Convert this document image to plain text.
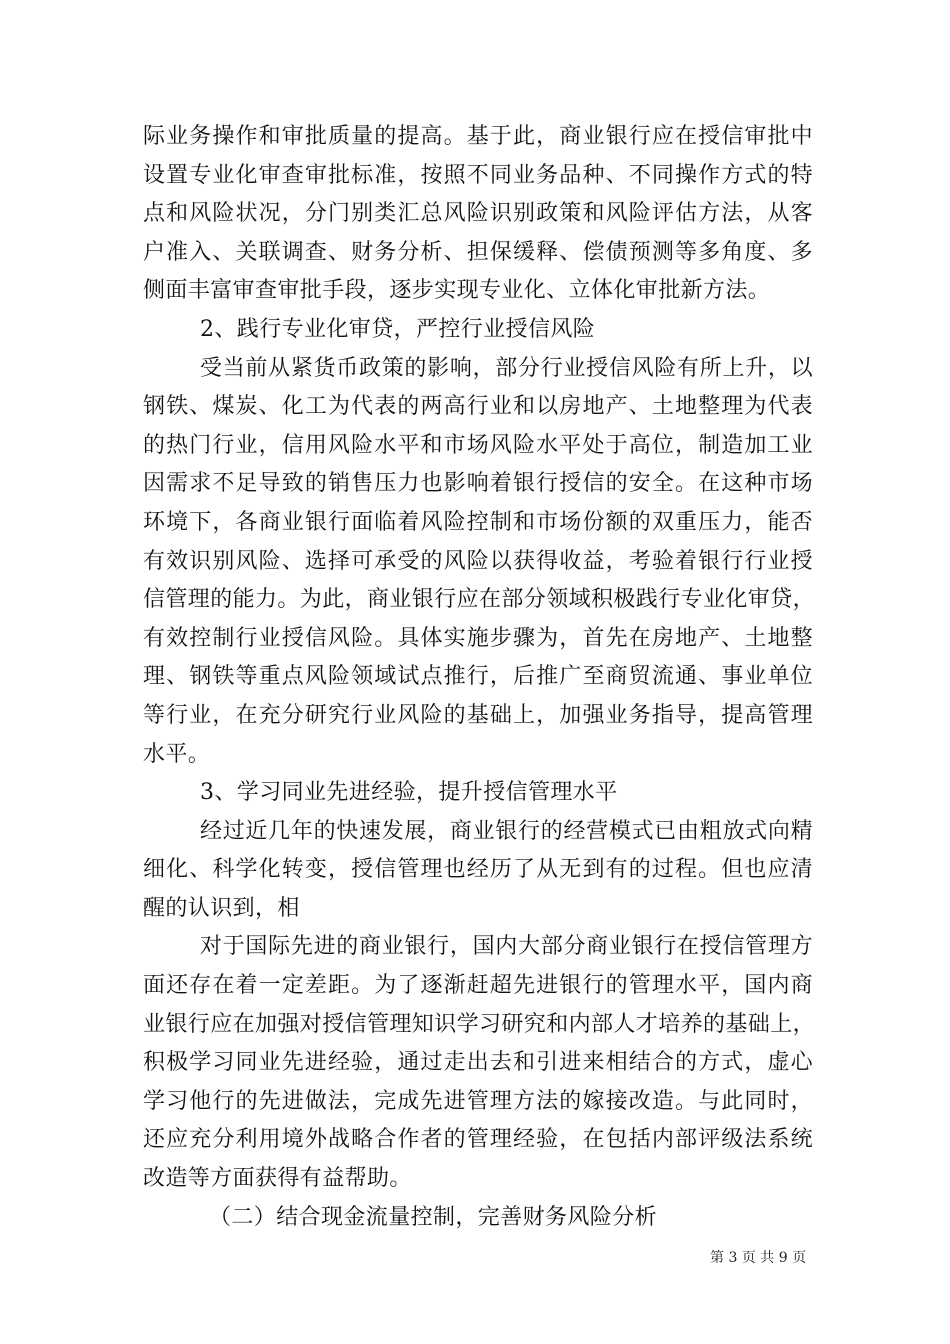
际业务操作和审批质量的提高。基于此，商业银行应在授信审批中
设置专业化审查审批标准，按照不同业务品种、不同操作方式的特
点和风险状况，分门别类汇总风险识别政策和风险评估方法，从客
户准入、关联调查、财务分析、担保缓释、偿债预测等多角度、多
侧面丰富审查审批手段，逐步实现专业化、立体化审批新方法。
2、践行专业化审贷，严控行业授信风险
受当前从紧货币政策的影响，部分行业授信风险有所上升，以
钢铁、煤炭、化工为代表的两高行业和以房地产、土地整理为代表
的热门行业，信用风险水平和市场风险水平处于高位，制造加工业
因需求不足导致的销售压力也影响着银行授信的安全。在这种市场
环境下，各商业银行面临着风险控制和市场份额的双重压力，能否
有效识别风险、选择可承受的风险以获得收益，考验着银行行业授
信管理的能力。为此，商业银行应在部分领域积极践行专业化审贷，
有效控制行业授信风险。具体实施步骤为，首先在房地产、土地整
理、钢铁等重点风险领域试点推行，后推广至商贸流通、事业单位
等行业，在充分研究行业风险的基础上，加强业务指导，提高管理
水平。
3、学习同业先进经验，提升授信管理水平
经过近几年的快速发展，商业银行的经营模式已由粗放式向精
细化、科学化转变，授信管理也经历了从无到有的过程。但也应清
醒的认识到，相
对于国际先进的商业银行，国内大部分商业银行在授信管理方
面还存在着一定差距。为了逐渐赶超先进银行的管理水平，国内商
业银行应在加强对授信管理知识学习研究和内部人才培养的基础上，
积极学习同业先进经验，通过走出去和引进来相结合的方式，虚心
学习他行的先进做法，完成先进管理方法的嫁接改造。与此同时，
还应充分利用境外战略合作者的管理经验，在包括内部评级法系统
改造等方面获得有益帮助。
（二）结合现金流量控制，完善财务风险分析
第 3 页 共 9 页
